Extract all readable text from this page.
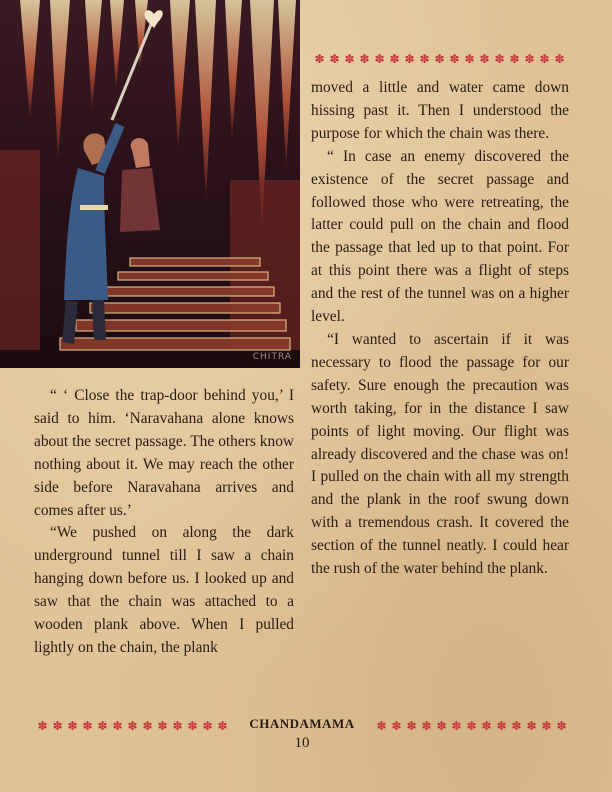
CHITRA
✽ ✽ ✽ ✽ ✽ ✽ ✽ ✽ ✽ ✽ ✽ ✽ ✽ ✽ ✽ ✽ ✽

moved a little and water came down hissing past it. Then I understood the purpose for which the chain was there.

“ In case an enemy discovered the existence of the secret passage and followed those who were retreating, the latter could pull on the chain and flood the passage that led up to that point. For at this point there was a flight of steps and the rest of the tunnel was on a higher level.

“I wanted to ascertain if it was necessary to flood the passage for our safety. Sure enough the precaution was worth taking, for in the distance I saw points of light moving. Our flight was already discovered and the chase was on! I pulled on the chain with all my strength and the plank in the roof swung down with a tremendous crash. It covered the section of the tunnel neatly. I could hear the rush of the water behind the plank.

“ ‘ Close the trap-door behind you,’ I said to him. ‘Naravahana alone knows about the secret passage. The others know nothing about it. We may reach the other side before Naravahana arrives and comes after us.’

“We pushed on along the dark underground tunnel till I saw a chain hanging down before us. I looked up and saw that the chain was attached to a wooden plank above. When I pulled lightly on the chain, the plank

✽ ✽ ✽ ✽ ✽ ✽ ✽ ✽ ✽ ✽ ✽ ✽ ✽	CHANDAMAMA	✽ ✽ ✽ ✽ ✽ ✽ ✽ ✽ ✽ ✽ ✽ ✽ ✽
10
